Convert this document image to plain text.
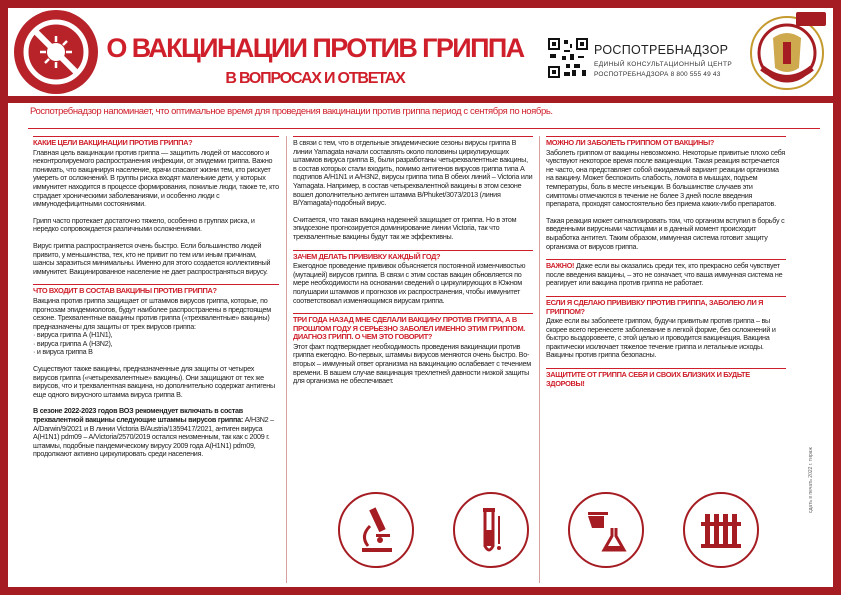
О ВАКЦИНАЦИИ ПРОТИВ ГРИППА
В ВОПРОСАХ И ОТВЕТАХ
РОСПОТРЕБНАДЗОР
ЕДИНЫЙ КОНСУЛЬТАЦИОННЫЙ ЦЕНТР
РОСПОТРЕБНАДЗОРА 8 800 555 49 43
Роспотребнадзор напоминает, что оптимальное время для проведения вакцинации против гриппа период с сентября по ноябрь.
КАКИЕ ЦЕЛИ ВАКЦИНАЦИИ ПРОТИВ ГРИППА?
Главная цель вакцинации против гриппа — защитить людей от массового и неконтролируемого распространения инфекции, от эпидемии гриппа. Важно понимать, что вакцинируя население, врачи спасают жизни тем, кто рискует умереть от осложнений. В группы риска входят маленькие дети, у которых иммунитет находится в процессе формирования, пожилые люди, также те, кто страдает хроническими заболеваниями, и особенно люди с иммунодефицитными состояниями.
Грипп часто протекает достаточно тяжело, особенно в группах риска, и нередко сопровождается различными осложнениями.
Вирус гриппа распространяется очень быстро. Если большинство людей привито, у меньшинства, тех, кто не привит по тем или иным причинам, шансы заразиться минимальны. Именно для этого создается коллективный иммунитет. Вакцинированное население не дает распространяться вирусу.
ЧТО ВХОДИТ В СОСТАВ ВАКЦИНЫ ПРОТИВ ГРИППА?
Вакцина против гриппа защищает от штаммов вирусов гриппа, которые, по прогнозам эпидемиологов, будут наиболее распространены в предстоящем сезоне. Трехвалентные вакцины против гриппа («трехвалентные» вакцины) предназначены для защиты от трех вирусов гриппа:
· вируса гриппа А (H1N1),
· вируса гриппа А (H3N2),
· и вируса гриппа В
Существуют также вакцины, предназначенные для защиты от четырех вирусов гриппа («четырехвалентные» вакцины). Они защищают от тех же вирусов, что и трехвалентная вакцина, но дополнительно содержат антигены еще одного вирусного штамма вируса гриппа В.
В сезоне 2022-2023 годов ВОЗ рекомендует включать в состав трехвалентной вакцины следующие штаммы вирусов гриппа: A/H3N2 – A/Darwin/9/2021 и B линии Victoria B/Austria/1359417/2021, антиген вируса А(H1N1) pdm09 – A/Victoria/2570/2019 остался неизменным, так как с 2009 г. штаммы, подобные пандемическому вирусу 2009 года А(H1N1) pdm09, продолжают активно циркулировать среди населения.
В связи с тем, что в отдельные эпидемические сезоны вирусы гриппа В линии Yamagata начали составлять около половины циркулирующих штаммов вируса гриппа В, были разработаны четырехвалентные вакцины, в состав которых стали входить, помимо антигенов вирусов гриппа типа А подтипов А/H1N1 и А/H3N2, вирусы гриппа типа В обеих линий – Victoria или Yamagata. Например, в состав четырехвалентной вакцины в этом сезоне вошел дополнительно антиген штамма B/Phuket/3073/2013 (линия B/Yamagata)-подобный вирус.
Считается, что такая вакцина надежней защищает от гриппа. Но в этом эпидсезоне прогнозируется доминирование линии Victoria, так что трехвалентные вакцины будут так же эффективны.
ЗАЧЕМ ДЕЛАТЬ ПРИВИВКУ КАЖДЫЙ ГОД?
Ежегодное проведение прививок объясняется постоянной изменчивостью (мутацией) вирусов гриппа. В связи с этим состав вакцин обновляется по мере необходимости на основании сведений о циркулирующих в Южном полушарии штаммов и прогнозов их распространения, чтобы иммунитет соответствовал изменяющимся вирусам гриппа.
ТРИ ГОДА НАЗАД МНЕ СДЕЛАЛИ ВАКЦИНУ ПРОТИВ ГРИППА, А В ПРОШЛОМ ГОДУ Я СЕРЬЕЗНО ЗАБОЛЕЛ ИМЕННО ЭТИМ ГРИППОМ. ДИАГНОЗ ГРИПП. О ЧЕМ ЭТО ГОВОРИТ?
Этот факт подтверждает необходимость проведения вакцинации против гриппа ежегодно. Во-первых, штаммы вирусов меняются очень быстро. Во-вторых – иммунный ответ организма на вакцинацию ослабевает с течением времени. В вашем случае вакцинация трехлетней давности низкой защиты для организма не обеспечивает.
МОЖНО ЛИ ЗАБОЛЕТЬ ГРИППОМ ОТ ВАКЦИНЫ?
Заболеть гриппом от вакцины невозможно. Некоторые привитые плохо себя чувствуют некоторое время после вакцинации. Такая реакция встречается не часто, она представляет собой ожидаемый вариант реакции организма на вакцину. Может беспокоить слабость, ломота в мышцах, подъем температуры, боль в месте инъекции. В большинстве случаев эти симптомы отмечаются в течение не более 3 дней после введения препарата, проходят самостоятельно без приема каких-либо препаратов.
Такая реакция может сигнализировать том, что организм вступил в борьбу с введенными вирусными частицами и в данный момент происходит выработка антител. Таким образом, иммунная система готовит защиту организма от вирусов гриппа.
ВАЖНО! Даже если вы оказались среди тех, кто прекрасно себя чувствует после введения вакцины, – это не означает, что ваша иммунная система не реагирует или вакцина против гриппа не работает.
ЕСЛИ Я СДЕЛАЮ ПРИВИВКУ ПРОТИВ ГРИППА, ЗАБОЛЕЮ ЛИ Я ГРИППОМ?
Даже если вы заболеете гриппом, будучи привитым против гриппа – вы скорее всего перенесете заболевание в легкой форме, без осложнений и быстро выздоровеете, с этой целью и проводится вакцинация. Вакцина практически исключает тяжелое течение гриппа и летальные исходы. Вакцины против гриппа безопасны.
ЗАЩИТИТЕ ОТ ГРИППА СЕБЯ И СВОИХ БЛИЗКИХ И БУДЬТЕ ЗДОРОВЫ!
сдать в печать 2022 г. тираж
